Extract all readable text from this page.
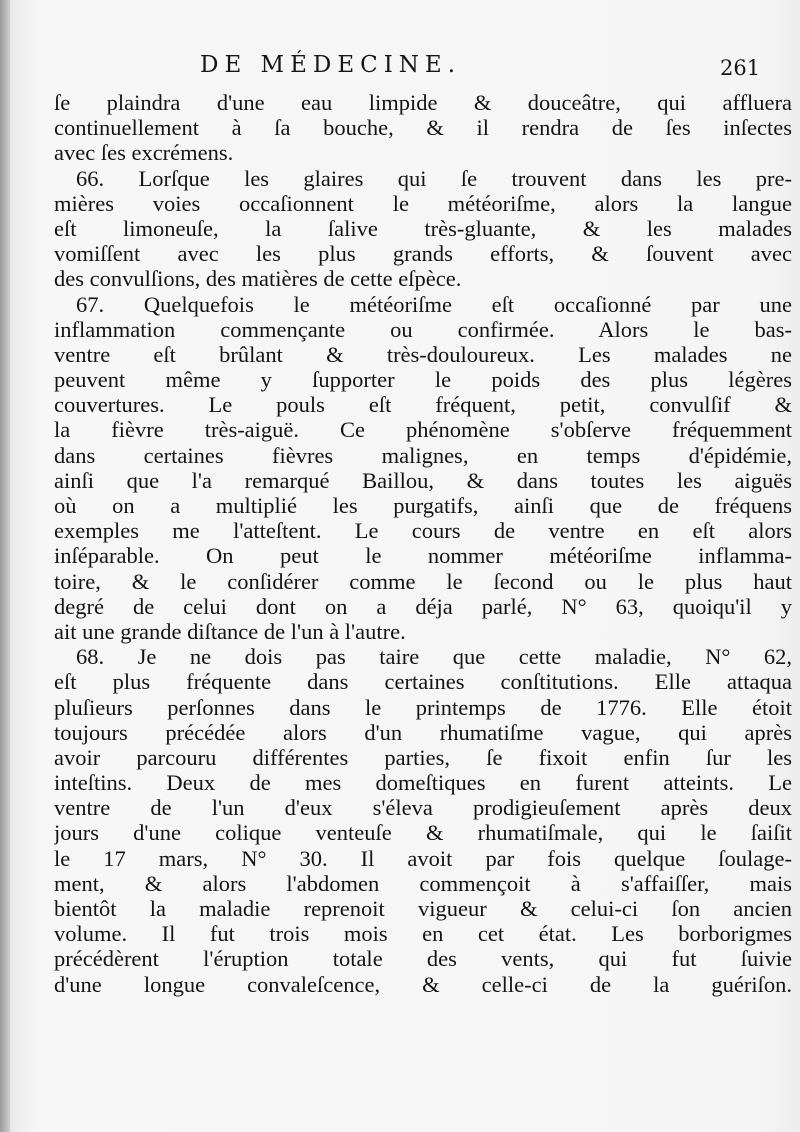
DE MÉDECINE.	261
ſe plaindra d'une eau limpide & douceâtre, qui affluera
continuellement à ſa bouche, & il rendra de ſes inſectes
avec ſes excrémens.
66. Lorſque les glaires qui ſe trouvent dans les pre-
mières voies occaſionnent le météoriſme, alors la langue
eſt limoneuſe, la ſalive très-gluante, & les malades
vomiſſent avec les plus grands efforts, & ſouvent avec
des convulſions, des matières de cette eſpèce.
67. Quelquefois le météoriſme eſt occaſionné par une
inflammation commençante ou confirmée. Alors le bas-
ventre eſt brûlant & très-douloureux. Les malades ne
peuvent même y ſupporter le poids des plus légères
couvertures. Le pouls eſt fréquent, petit, convulſif &
la fièvre très-aiguë. Ce phénomène s'obſerve fréquemment
dans certaines fièvres malignes, en temps d'épidémie,
ainſi que l'a remarqué Baillou, & dans toutes les aiguës
où on a multiplié les purgatifs, ainſi que de fréquens
exemples me l'atteſtent. Le cours de ventre en eſt alors
inſéparable. On peut le nommer météoriſme inflamma-
toire, & le conſidérer comme le ſecond ou le plus haut
degré de celui dont on a déja parlé, N° 63, quoiqu'il y
ait une grande diſtance de l'un à l'autre.
68. Je ne dois pas taire que cette maladie, N° 62,
eſt plus fréquente dans certaines conſtitutions. Elle attaqua
pluſieurs perſonnes dans le printemps de 1776. Elle étoit
toujours précédée alors d'un rhumatiſme vague, qui après
avoir parcouru différentes parties, ſe fixoit enfin ſur les
inteſtins. Deux de mes domeſtiques en furent atteints. Le
ventre de l'un d'eux s'éleva prodigieuſement après deux
jours d'une colique venteuſe & rhumatiſmale, qui le ſaiſit
le 17 mars, N° 30. Il avoit par fois quelque ſoulage-
ment, & alors l'abdomen commençoit à s'affaiſſer, mais
bientôt la maladie reprenoit vigueur & celui-ci ſon ancien
volume. Il fut trois mois en cet état. Les borborigmes
précédèrent l'éruption totale des vents, qui fut ſuivie
d'une longue convaleſcence, & celle-ci de la guériſon.
